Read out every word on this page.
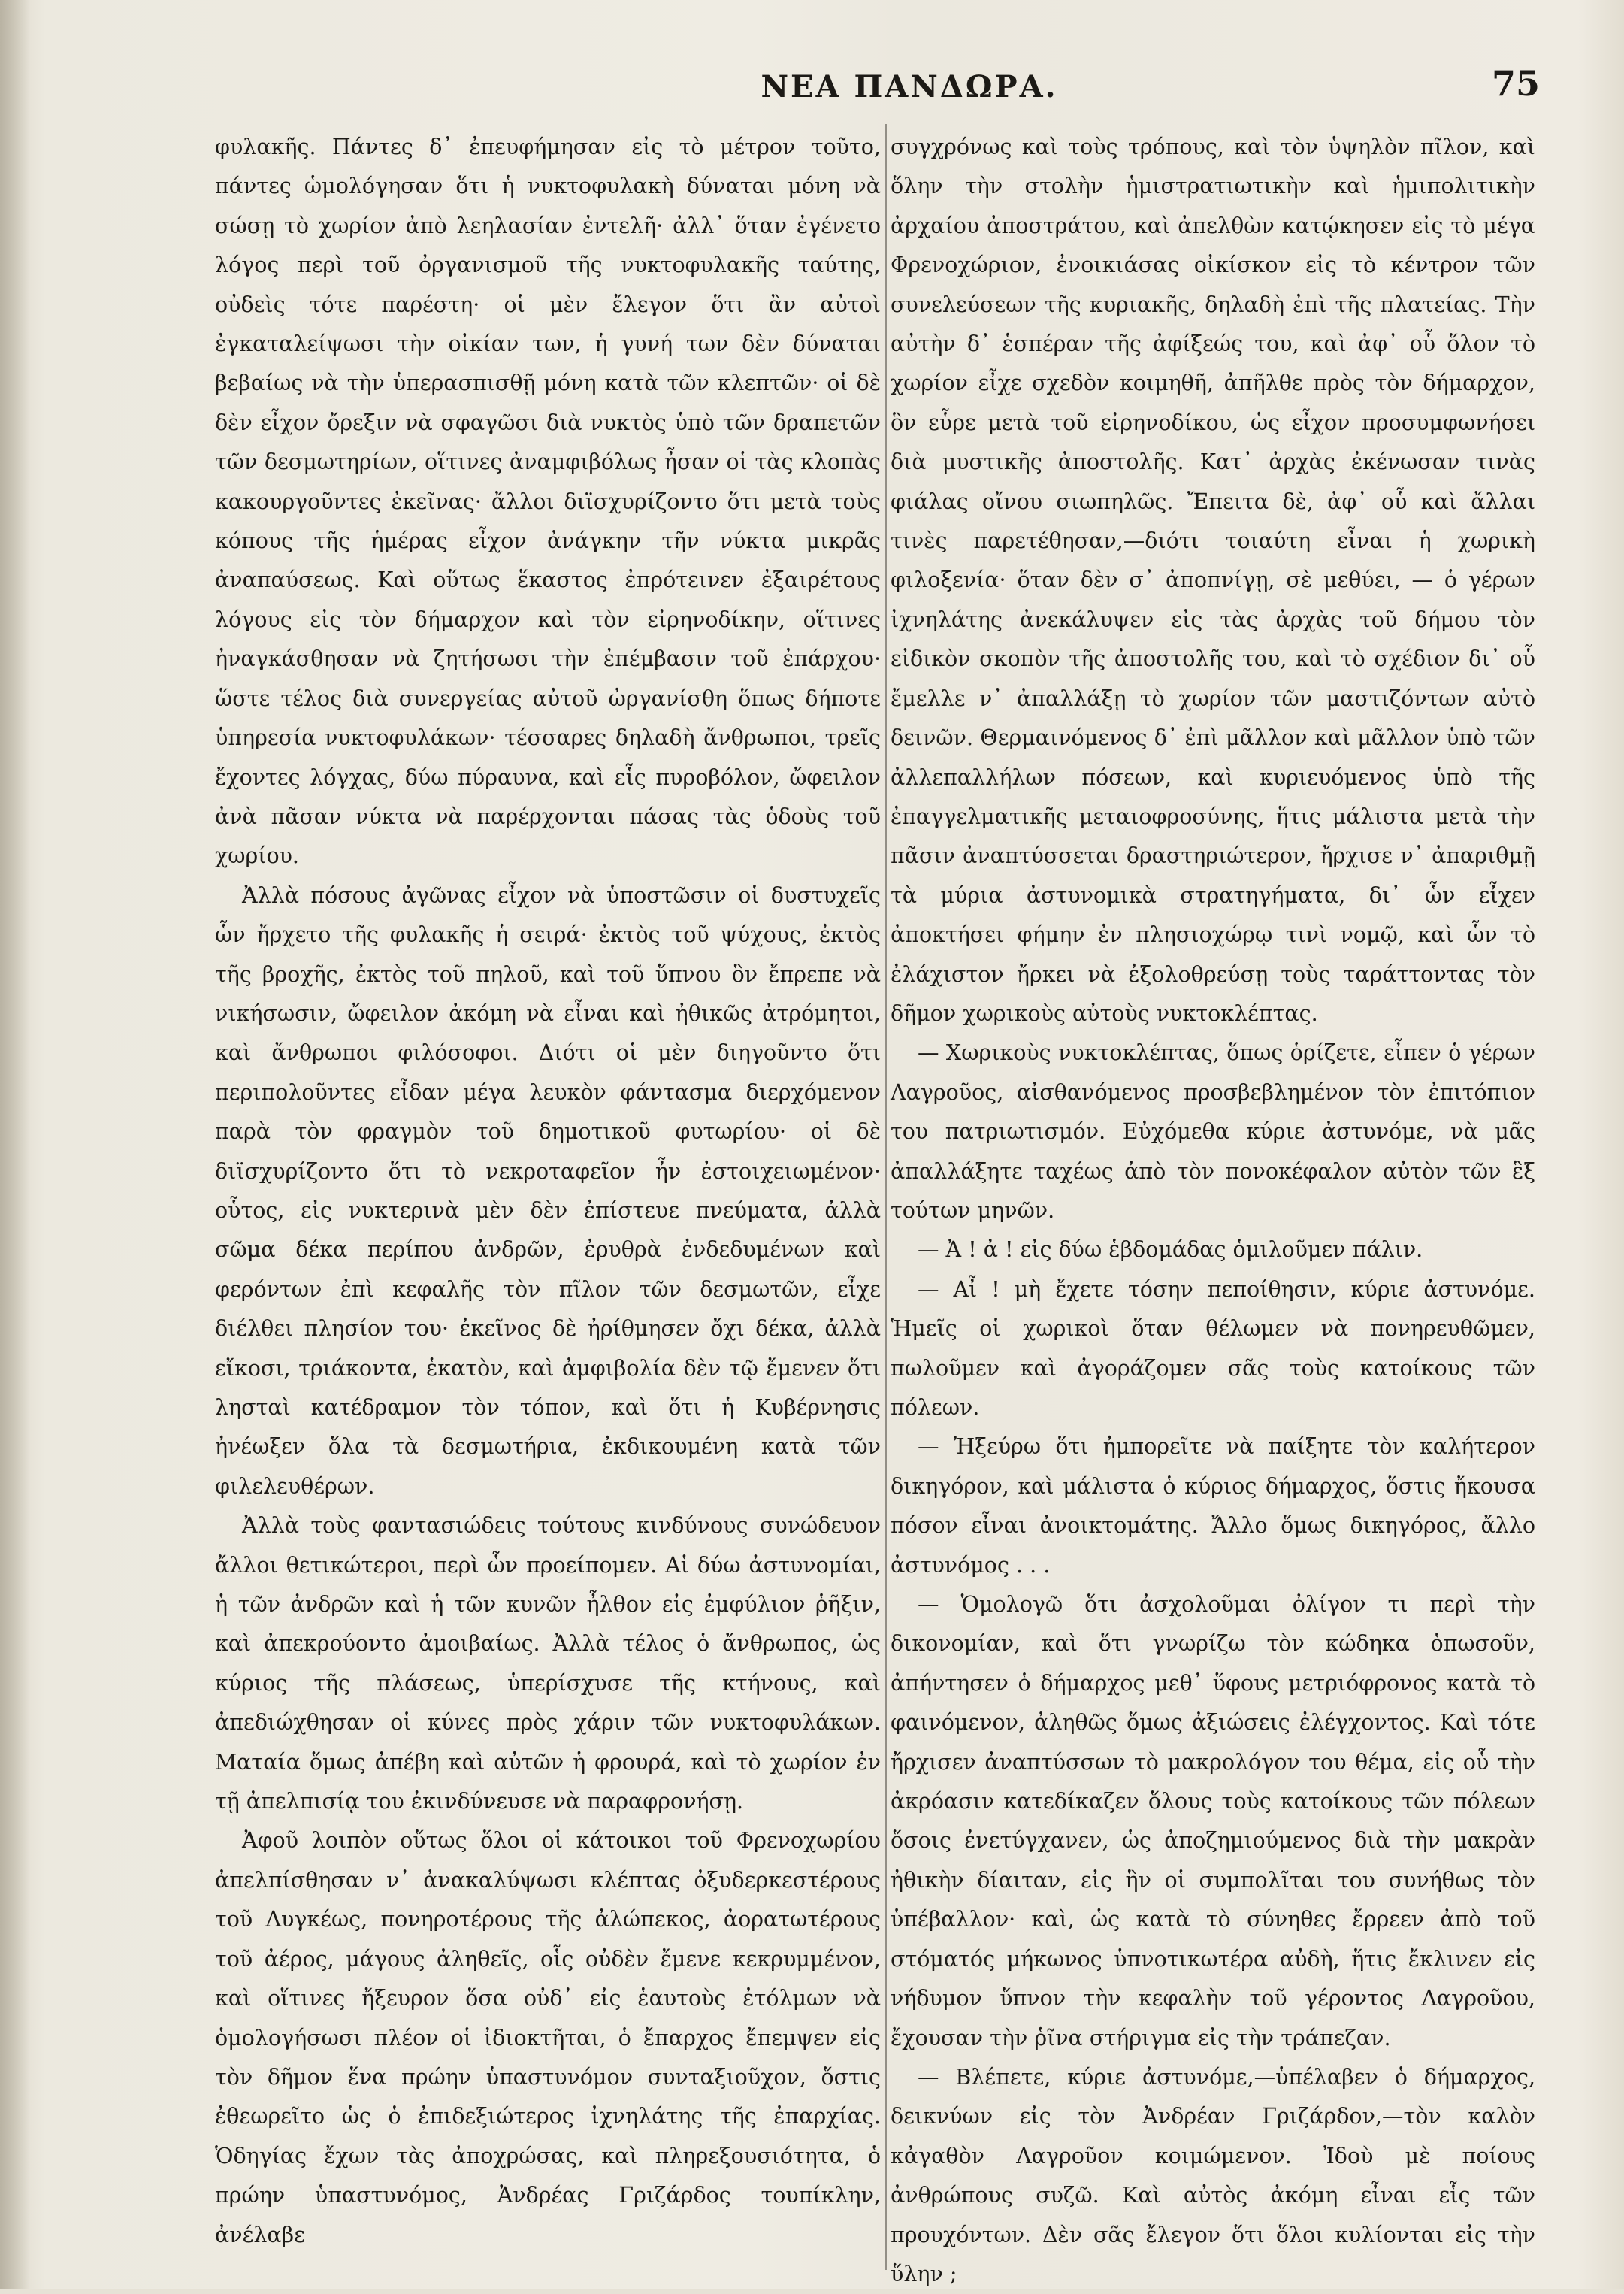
ΝΕΑ ΠΑΝΔΩΡΑ.	75

φυλακῆς. Πάντες δ᾽ ἐπευφήμησαν εἰς τὸ μέτρον τοῦτο, πάντες ὡμολόγησαν ὅτι ἡ νυκτοφυλακὴ δύναται μόνη νὰ σώσῃ τὸ χωρίον ἀπὸ λεηλασίαν ἐντελῆ· ἀλλ᾽ ὅταν ἐγένετο λόγος περὶ τοῦ ὀργανισμοῦ τῆς νυκτοφυλακῆς ταύτης, οὐδεὶς τότε παρέστη· οἱ μὲν ἔλεγον ὅτι ἂν αὐτοὶ ἐγκαταλείψωσι τὴν οἰκίαν των, ἡ γυνή των δὲν δύναται βεβαίως νὰ τὴν ὑπερασπισθῇ μόνη κατὰ τῶν κλεπτῶν· οἱ δὲ δὲν εἶχον ὄρεξιν νὰ σφαγῶσι διὰ νυκτὸς ὑπὸ τῶν δραπετῶν τῶν δεσμωτηρίων, οἵτινες ἀναμφιβόλως ἦσαν οἱ τὰς κλοπὰς κακουργοῦντες ἐκεῖνας· ἄλλοι διϊσχυρίζοντο ὅτι μετὰ τοὺς κόπους τῆς ἡμέρας εἶχον ἀνάγκην τῆν νύκτα μικρᾶς ἀναπαύσεως. Καὶ οὕτως ἕκαστος ἐπρότεινεν ἐξαιρέτους λόγους εἰς τὸν δήμαρχον καὶ τὸν εἰρηνοδίκην, οἵτινες ἠναγκάσθησαν νὰ ζητήσωσι τὴν ἐπέμβασιν τοῦ ἐπάρχου· ὥστε τέλος διὰ συνεργείας αὐτοῦ ὠργανίσθη ὅπως δήποτε ὑπηρεσία νυκτοφυλάκων· τέσσαρες δηλαδὴ ἄνθρωποι, τρεῖς ἔχοντες λόγχας, δύω πύραυνα, καὶ εἷς πυροβόλον, ὤφειλον ἀνὰ πᾶσαν νύκτα νὰ παρέρχονται πάσας τὰς ὁδοὺς τοῦ χωρίου.

Ἀλλὰ πόσους ἀγῶνας εἶχον νὰ ὑποστῶσιν οἱ δυστυχεῖς ὧν ἤρχετο τῆς φυλακῆς ἡ σειρά· ἐκτὸς τοῦ ψύχους, ἐκτὸς τῆς βροχῆς, ἐκτὸς τοῦ πηλοῦ, καὶ τοῦ ὕπνου ὃν ἔπρεπε νὰ νικήσωσιν, ὤφειλον ἀκόμη νὰ εἶναι καὶ ἠθικῶς ἀτρόμητοι, καὶ ἄνθρωποι φιλόσοφοι. Διότι οἱ μὲν διηγοῦντο ὅτι περιπολοῦντες εἶδαν μέγα λευκὸν φάντασμα διερχόμενον παρὰ τὸν φραγμὸν τοῦ δημοτικοῦ φυτωρίου· οἱ δὲ διϊσχυρίζοντο ὅτι τὸ νεκροταφεῖον ἦν ἐστοιχειωμένον· οὗτος, εἰς νυκτερινὰ μὲν δὲν ἐπίστευε πνεύματα, ἀλλὰ σῶμα δέκα περίπου ἀνδρῶν, ἐρυθρὰ ἐνδεδυμένων καὶ φερόντων ἐπὶ κεφαλῆς τὸν πῖλον τῶν δεσμωτῶν, εἶχε διέλθει πλησίον του· ἐκεῖνος δὲ ἠρίθμησεν ὄχι δέκα, ἀλλὰ εἴκοσι, τριάκοντα, ἑκατὸν, καὶ ἀμφιβολία δὲν τῷ ἔμενεν ὅτι λησταὶ κατέδραμον τὸν τόπον, καὶ ὅτι ἡ Κυβέρνησις ἠνέωξεν ὅλα τὰ δεσμωτήρια, ἐκδικουμένη κατὰ τῶν φιλελευθέρων.

Ἀλλὰ τοὺς φαντασιώδεις τούτους κινδύνους συνώδευον ἄλλοι θετικώτεροι, περὶ ὧν προείπομεν. Αἱ δύω ἀστυνομίαι, ἡ τῶν ἀνδρῶν καὶ ἡ τῶν κυνῶν ἦλθον εἰς ἐμφύλιον ῥῆξιν, καὶ ἀπεκρούοντο ἀμοιβαίως. Ἀλλὰ τέλος ὁ ἄνθρωπος, ὡς κύριος τῆς πλάσεως, ὑπερίσχυσε τῆς κτήνους, καὶ ἀπεδιώχθησαν οἱ κύνες πρὸς χάριν τῶν νυκτοφυλάκων. Ματαία ὅμως ἀπέβη καὶ αὐτῶν ἡ φρουρά, καὶ τὸ χωρίον ἐν τῇ ἀπελπισίᾳ του ἐκινδύνευσε νὰ παραφρονήσῃ.

Ἀφοῦ λοιπὸν οὕτως ὅλοι οἱ κάτοικοι τοῦ Φρενοχωρίου ἀπελπίσθησαν ν᾽ ἀνακαλύψωσι κλέπτας ὀξυδερκεστέρους τοῦ Λυγκέως, πονηροτέρους τῆς ἀλώπεκος, ἀορατωτέρους τοῦ ἀέρος, μάγους ἀληθεῖς, οἷς οὐδὲν ἔμενε κεκρυμμένον, καὶ οἵτινες ἤξευρον ὅσα οὐδ᾽ εἰς ἑαυτοὺς ἐτόλμων νὰ ὁμολογήσωσι πλέον οἱ ἰδιοκτῆται, ὁ ἔπαρχος ἔπεμψεν εἰς τὸν δῆμον ἕνα πρώην ὑπαστυνόμον συνταξιοῦχον, ὅστις ἐθεωρεῖτο ὡς ὁ ἐπιδεξιώτερος ἰχνηλάτης τῆς ἐπαρχίας. Ὁδηγίας ἔχων τὰς ἀποχρώσας, καὶ πληρεξουσιότητα, ὁ πρώην ὑπαστυνόμος, Ἀνδρέας Γριζάρδος τουπίκλην, ἀνέλαβε

συγχρόνως καὶ τοὺς τρόπους, καὶ τὸν ὑψηλὸν πῖλον, καὶ ὅλην τὴν στολὴν ἡμιστρατιωτικὴν καὶ ἡμιπολιτικὴν ἀρχαίου ἀποστράτου, καὶ ἀπελθὼν κατῴκησεν εἰς τὸ μέγα Φρενοχώριον, ἐνοικιάσας οἰκίσκον εἰς τὸ κέντρον τῶν συνελεύσεων τῆς κυριακῆς, δηλαδὴ ἐπὶ τῆς πλατείας. Τὴν αὐτὴν δ᾽ ἑσπέραν τῆς ἀφίξεώς του, καὶ ἀφ᾽ οὗ ὅλον τὸ χωρίον εἶχε σχεδὸν κοιμηθῆ, ἀπῆλθε πρὸς τὸν δήμαρχον, ὃν εὗρε μετὰ τοῦ εἰρηνοδίκου, ὡς εἶχον προσυμφωνήσει διὰ μυστικῆς ἀποστολῆς. Κατ᾽ ἀρχὰς ἐκένωσαν τινὰς φιάλας οἴνου σιωπηλῶς. Ἔπειτα δὲ, ἀφ᾽ οὗ καὶ ἄλλαι τινὲς παρετέθησαν,—διότι τοιαύτη εἶναι ἡ χωρικὴ φιλοξενία· ὅταν δὲν σ᾽ ἀποπνίγῃ, σὲ μεθύει, — ὁ γέρων ἰχνηλάτης ἀνεκάλυψεν εἰς τὰς ἀρχὰς τοῦ δήμου τὸν εἰδικὸν σκοπὸν τῆς ἀποστολῆς του, καὶ τὸ σχέδιον δι᾽ οὗ ἔμελλε ν᾽ ἀπαλλάξῃ τὸ χωρίον τῶν μαστιζόντων αὐτὸ δεινῶν. Θερμαινόμενος δ᾽ ἐπὶ μᾶλλον καὶ μᾶλλον ὑπὸ τῶν ἀλλεπαλλήλων πόσεων, καὶ κυριευόμενος ὑπὸ τῆς ἐπαγγελματικῆς μεταιοφροσύνης, ἥτις μάλιστα μετὰ τὴν πᾶσιν ἀναπτύσσεται δραστηριώτερον, ἤρχισε ν᾽ ἀπαριθμῇ τὰ μύρια ἀστυνομικὰ στρατηγήματα, δι᾽ ὧν εἶχεν ἀποκτήσει φήμην ἐν πλησιοχώρῳ τινὶ νομῷ, καὶ ὧν τὸ ἐλάχιστον ἤρκει νὰ ἐξολοθρεύσῃ τοὺς ταράττοντας τὸν δῆμον χωρικοὺς αὐτοὺς νυκτοκλέπτας.

— Χωρικοὺς νυκτοκλέπτας, ὅπως ὁρίζετε, εἶπεν ὁ γέρων Λαγροῦος, αἰσθανόμενος προσβεβλημένον τὸν ἐπιτόπιον του πατριωτισμόν. Εὐχόμεθα κύριε ἀστυνόμε, νὰ μᾶς ἀπαλλάξητε ταχέως ἀπὸ τὸν πονοκέφαλον αὐτὸν τῶν ἓξ τούτων μηνῶν.

— Ἀ ! ἀ ! εἰς δύω ἑβδομάδας ὁμιλοῦμεν πάλιν.

— Αἶ ! μὴ ἔχετε τόσην πεποίθησιν, κύριε ἀστυνόμε. Ἡμεῖς οἱ χωρικοὶ ὅταν θέλωμεν νὰ πονηρευθῶμεν, πωλοῦμεν καὶ ἀγοράζομεν σᾶς τοὺς κατοίκους τῶν πόλεων.

— Ἠξεύρω ὅτι ἠμπορεῖτε νὰ παίξητε τὸν καλήτερον δικηγόρον, καὶ μάλιστα ὁ κύριος δήμαρχος, ὅστις ἤκουσα πόσον εἶναι ἀνοικτομάτης. Ἄλλο ὅμως δικηγόρος, ἄλλο ἀστυνόμος . . .

— Ὁμολογῶ ὅτι ἀσχολοῦμαι ὀλίγον τι περὶ τὴν δικονομίαν, καὶ ὅτι γνωρίζω τὸν κώδηκα ὁπωσοῦν, ἀπήντησεν ὁ δήμαρχος μεθ᾽ ὕφους μετριόφρονος κατὰ τὸ φαινόμενον, ἀληθῶς ὅμως ἀξιώσεις ἐλέγχοντος. Καὶ τότε ἤρχισεν ἀναπτύσσων τὸ μακρολόγον του θέμα, εἰς οὗ τὴν ἀκρόασιν κατεδίκαζεν ὅλους τοὺς κατοίκους τῶν πόλεων ὅσοις ἐνετύγχανεν, ὡς ἀποζημιούμενος διὰ τὴν μακρὰν ἠθικὴν δίαιταν, εἰς ἣν οἱ συμπολῖται του συνήθως τὸν ὑπέβαλλον· καὶ, ὡς κατὰ τὸ σύνηθες ἔρρεεν ἀπὸ τοῦ στόματός μήκωνος ὑπνοτικωτέρα αὐδὴ, ἥτις ἔκλινεν εἰς νήδυμον ὕπνον τὴν κεφαλὴν τοῦ γέροντος Λαγροῦου, ἔχουσαν τὴν ῥῖνα στήριγμα εἰς τὴν τράπεζαν.

— Βλέπετε, κύριε ἀστυνόμε,—ὑπέλαβεν ὁ δήμαρχος, δεικνύων εἰς τὸν Ἀνδρέαν Γριζάρδον,—τὸν καλὸν κἀγαθὸν Λαγροῦον κοιμώμενον. Ἰδοὺ μὲ ποίους ἀνθρώπους συζῶ. Καὶ αὐτὸς ἀκόμη εἶναι εἷς τῶν προυχόντων. Δὲν σᾶς ἔλεγον ὅτι ὅλοι κυλίονται εἰς τὴν ὕλην ;
